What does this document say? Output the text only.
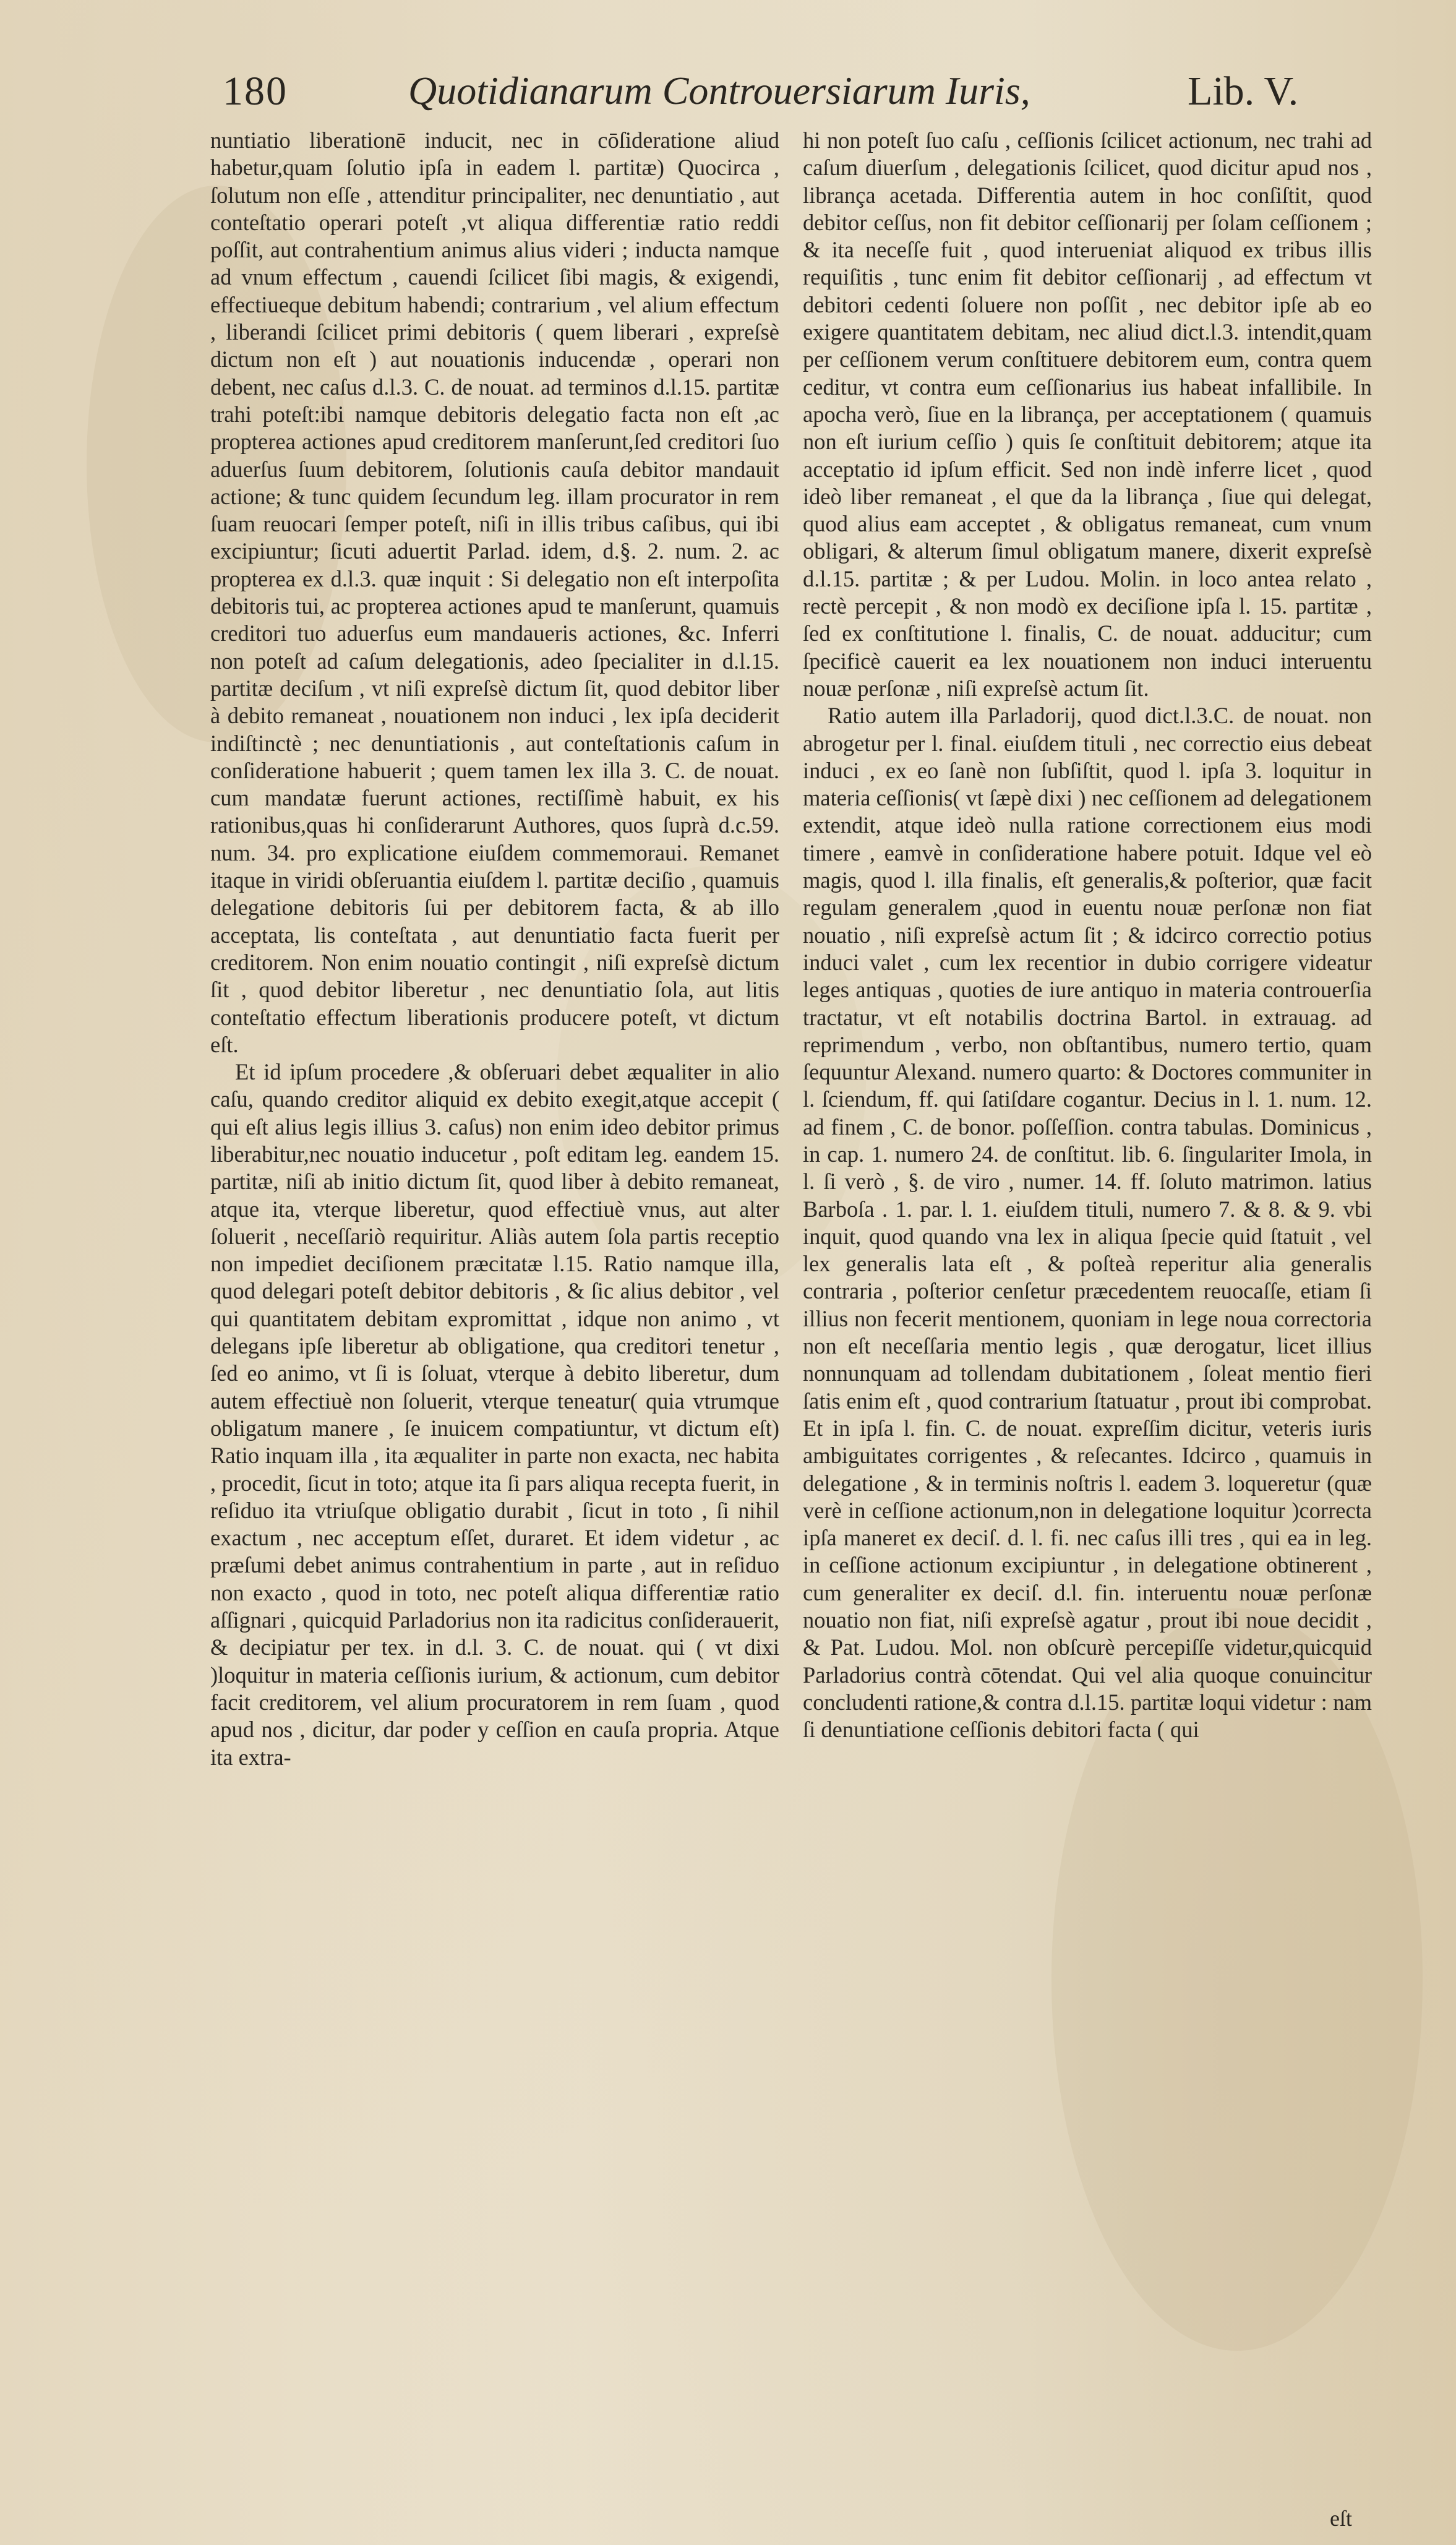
180	Quotidianarum Controuersiarum Iuris,	Lib. V.

nuntiatio liberationē inducit, nec in cōſideratione aliud habetur,quam ſolutio ipſa in eadem l. partitæ) Quocirca , ſolutum non eſſe , attenditur principaliter, nec denuntiatio , aut conteſtatio operari poteſt ,vt aliqua differentiæ ratio reddi poſſit, aut contrahentium animus alius videri ; inducta namque ad vnum effectum , cauendi ſcilicet ſibi magis, & exigendi, effectiueque debitum habendi; contrarium , vel alium effectum , liberandi ſcilicet primi debitoris ( quem liberari , expreſsè dictum non eſt ) aut nouationis inducendæ , operari non debent, nec caſus d.l.3. C. de nouat. ad terminos d.l.15. partitæ trahi poteſt:ibi namque debitoris delegatio facta non eſt ,ac propterea actiones apud creditorem manſerunt,ſed creditori ſuo aduerſus ſuum debitorem, ſolutionis cauſa debitor mandauit actione; & tunc quidem ſecundum leg. illam procurator in rem ſuam reuocari ſemper poteſt, niſi in illis tribus caſibus, qui ibi excipiuntur; ſicuti aduertit Parlad. idem, d.§. 2. num. 2. ac propterea ex d.l.3. quæ inquit : Si delegatio non eſt interpoſita debitoris tui, ac propterea actiones apud te manſerunt, quamuis creditori tuo aduerſus eum mandaueris actiones, &c. Inferri non poteſt ad caſum delegationis, adeo ſpecialiter in d.l.15. partitæ deciſum , vt niſi expreſsè dictum ſit, quod debitor liber à debito remaneat , nouationem non induci , lex ipſa deciderit indiſtinctè ; nec denuntiationis , aut conteſtationis caſum in conſideratione habuerit ; quem tamen lex illa 3. C. de nouat. cum mandatæ fuerunt actiones, rectiſſimè habuit, ex his rationibus,quas hi conſiderarunt Authores, quos ſuprà d.c.59. num. 34. pro explicatione eiuſdem commemoraui. Remanet itaque in viridi obſeruantia eiuſdem l. partitæ deciſio , quamuis delegatione debitoris ſui per debitorem facta, & ab illo acceptata, lis conteſtata , aut denuntiatio facta fuerit per creditorem. Non enim nouatio contingit , niſi expreſsè dictum ſit , quod debitor liberetur , nec denuntiatio ſola, aut litis conteſtatio effectum liberationis producere poteſt, vt dictum eſt.

Et id ipſum procedere ,& obſeruari debet æqualiter in alio caſu, quando creditor aliquid ex debito exegit,atque accepit ( qui eſt alius legis illius 3. caſus) non enim ideo debitor primus liberabitur,nec nouatio inducetur , poſt editam leg. eandem 15. partitæ, niſi ab initio dictum ſit, quod liber à debito remaneat, atque ita, vterque liberetur, quod effectiuè vnus, aut alter ſoluerit , neceſſariò requiritur. Aliàs autem ſola partis receptio non impediet deciſionem præcitatæ l.15. Ratio namque illa, quod delegari poteſt debitor debitoris , & ſic alius debitor , vel qui quantitatem debitam expromittat , idque non animo , vt delegans ipſe liberetur ab obligatione, qua creditori tenetur , ſed eo animo, vt ſi is ſoluat, vterque à debito liberetur, dum autem effectiuè non ſoluerit, vterque teneatur( quia vtrumque obligatum manere , ſe inuicem compatiuntur, vt dictum eſt) Ratio inquam illa , ita æqualiter in parte non exacta, nec habita , procedit, ſicut in toto; atque ita ſi pars aliqua recepta fuerit, in reſiduo ita vtriuſque obligatio durabit , ſicut in toto , ſi nihil exactum , nec acceptum eſſet, duraret. Et idem videtur , ac præſumi debet animus contrahentium in parte , aut in reſiduo non exacto , quod in toto, nec poteſt aliqua differentiæ ratio aſſignari , quicquid Parladorius non ita radicitus conſiderauerit, & decipiatur per tex. in d.l. 3. C. de nouat. qui ( vt dixi )loquitur in materia ceſſionis iurium, & actionum, cum debitor facit creditorem, vel alium procuratorem in rem ſuam , quod apud nos , dicitur, dar poder y ceſſion en cauſa propria. Atque ita extra-

hi non poteſt ſuo caſu , ceſſionis ſcilicet actionum, nec trahi ad caſum diuerſum , delegationis ſcilicet, quod dicitur apud nos , librança acetada. Differentia autem in hoc conſiſtit, quod debitor ceſſus, non fit debitor ceſſionarij per ſolam ceſſionem ; & ita neceſſe fuit , quod interueniat aliquod ex tribus illis requiſitis , tunc enim fit debitor ceſſionarij , ad effectum vt debitori cedenti ſoluere non poſſit , nec debitor ipſe ab eo exigere quantitatem debitam, nec aliud dict.l.3. intendit,quam per ceſſionem verum conſtituere debitorem eum, contra quem ceditur, vt contra eum ceſſionarius ius habeat infallibile. In apocha verò, ſiue en la librança, per acceptationem ( quamuis non eſt iurium ceſſio ) quis ſe conſtituit debitorem; atque ita acceptatio id ipſum efficit. Sed non indè inferre licet , quod ideò liber remaneat , el que da la librança , ſiue qui delegat, quod alius eam acceptet , & obligatus remaneat, cum vnum obligari, & alterum ſimul obligatum manere, dixerit expreſsè d.l.15. partitæ ; & per Ludou. Molin. in loco antea relato , rectè percepit , & non modò ex deciſione ipſa l. 15. partitæ , ſed ex conſtitutione l. finalis, C. de nouat. adducitur; cum ſpecificè cauerit ea lex nouationem non induci interuentu nouæ perſonæ , niſi expreſsè actum ſit.

Ratio autem illa Parladorij, quod dict.l.3.C. de nouat. non abrogetur per l. final. eiuſdem tituli , nec correctio eius debeat induci , ex eo ſanè non ſubſiſtit, quod l. ipſa 3. loquitur in materia ceſſionis( vt ſæpè dixi ) nec ceſſionem ad delegationem extendit, atque ideò nulla ratione correctionem eius modi timere , eamvè in conſideratione habere potuit. Idque vel eò magis, quod l. illa finalis, eſt generalis,& poſterior, quæ facit regulam generalem ,quod in euentu nouæ perſonæ non fiat nouatio , niſi expreſsè actum ſit ; & idcirco correctio potius induci valet , cum lex recentior in dubio corrigere videatur leges antiquas , quoties de iure antiquo in materia controuerſia tractatur, vt eſt notabilis doctrina Bartol. in extrauag. ad reprimendum , verbo, non obſtantibus, numero tertio, quam ſequuntur Alexand. numero quarto: & Doctores communiter in l. ſciendum, ff. qui ſatiſdare cogantur. Decius in l. 1. num. 12. ad finem , C. de bonor. poſſeſſion. contra tabulas. Dominicus , in cap. 1. numero 24. de conſtitut. lib. 6. ſingulariter Imola, in l. ſi verò , §. de viro , numer. 14. ff. ſoluto matrimon. latius Barboſa . 1. par. l. 1. eiuſdem tituli, numero 7. & 8. & 9. vbi inquit, quod quando vna lex in aliqua ſpecie quid ſtatuit , vel lex generalis lata eſt , & poſteà reperitur alia generalis contraria , poſterior cenſetur præcedentem reuocaſſe, etiam ſi illius non fecerit mentionem, quoniam in lege noua correctoria non eſt neceſſaria mentio legis , quæ derogatur, licet illius nonnunquam ad tollendam dubitationem , ſoleat mentio fieri ſatis enim eſt , quod contrarium ſtatuatur , prout ibi comprobat. Et in ipſa l. fin. C. de nouat. expreſſim dicitur, veteris iuris ambiguitates corrigentes , & reſecantes. Idcirco , quamuis in delegatione , & in terminis noſtris l. eadem 3. loqueretur (quæ verè in ceſſione actionum,non in delegatione loquitur )correcta ipſa maneret ex deciſ. d. l. fi. nec caſus illi tres , qui ea in leg. in ceſſione actionum excipiuntur , in delegatione obtinerent , cum generaliter ex deciſ. d.l. fin. interuentu nouæ perſonæ nouatio non fiat, niſi expreſsè agatur , prout ibi noue decidit , & Pat. Ludou. Mol. non obſcurè percepiſſe videtur,quicquid Parladorius contrà cōtendat. Qui vel alia quoque conuincitur concludenti ratione,& contra d.l.15. partitæ loqui videtur : nam ſi denuntiatione ceſſionis debitori facta ( qui

eſt
